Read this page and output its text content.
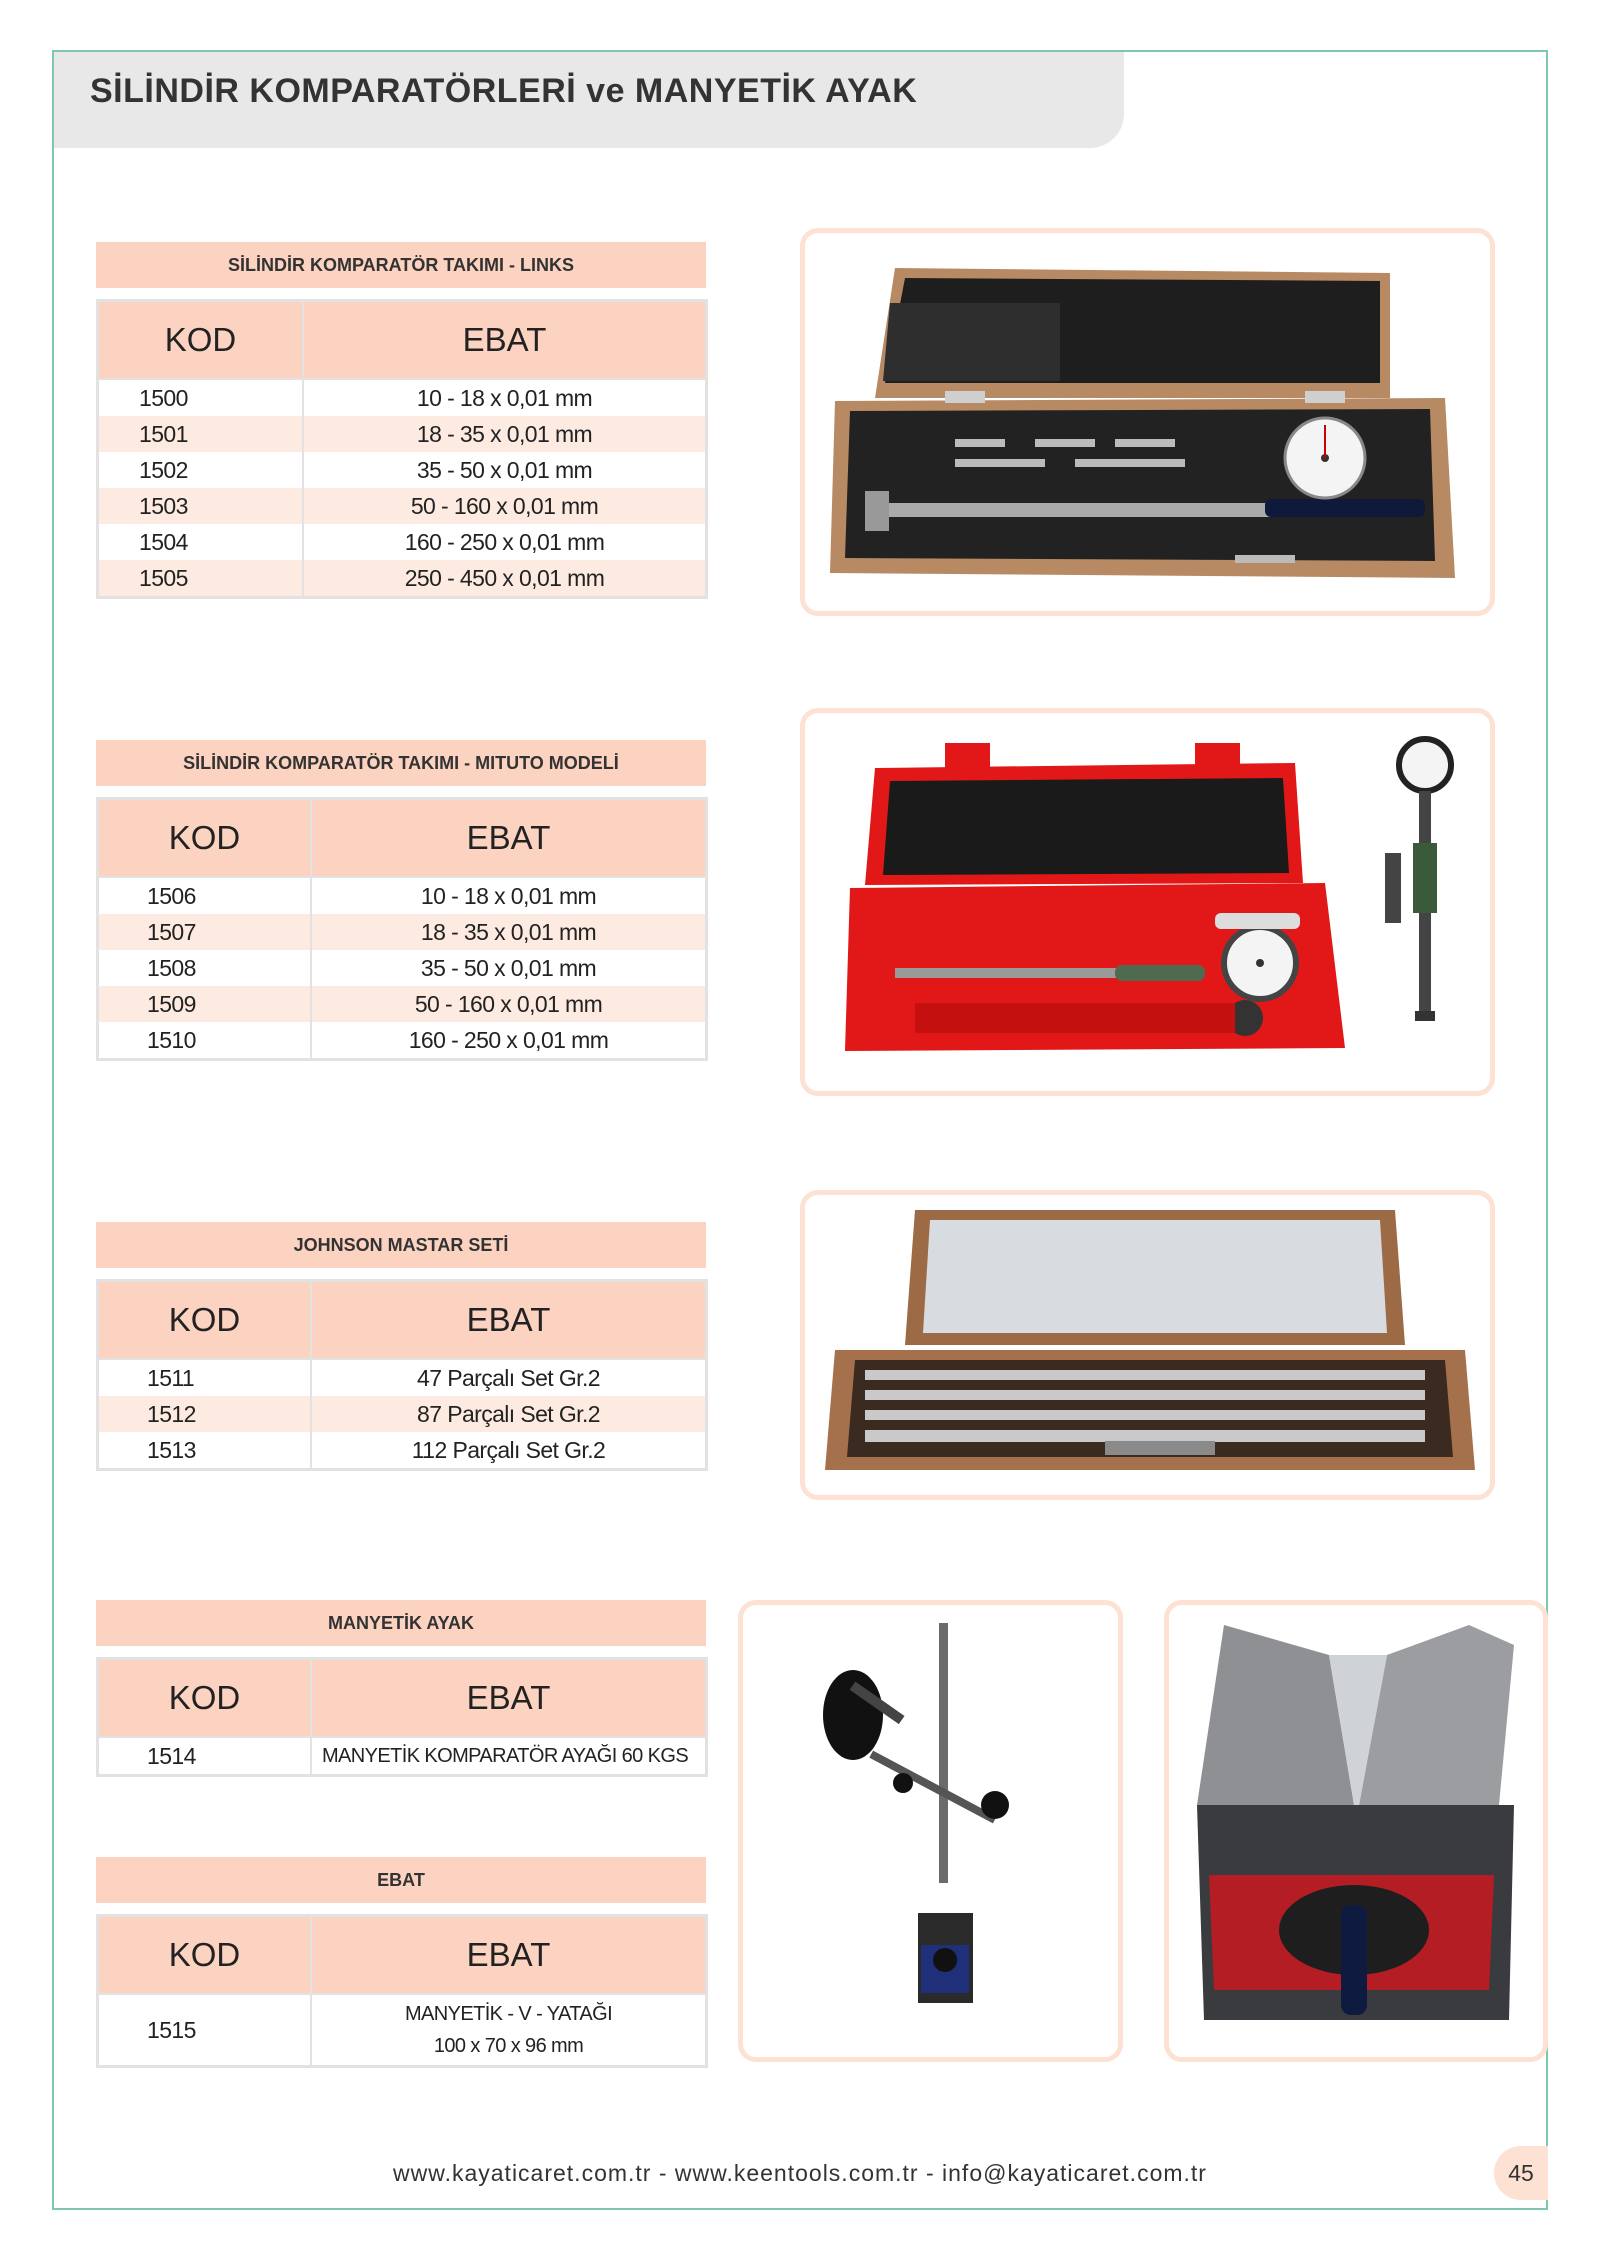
SİLİNDİR KOMPARATÖRLERİ ve MANYETİK AYAK
SİLİNDİR KOMPARATÖR TAKIMI - LINKS
KOD	EBAT
1500	10 - 18 x 0,01 mm
1501	18 - 35 x 0,01 mm
1502	35 - 50 x 0,01 mm
1503	50 - 160 x 0,01 mm
1504	160 - 250 x 0,01 mm
1505	250 - 450 x 0,01 mm
SİLİNDİR KOMPARATÖR TAKIMI - MITUTO MODELİ
KOD	EBAT
1506	10 - 18 x 0,01 mm
1507	18 - 35 x 0,01 mm
1508	35 - 50 x 0,01 mm
1509	50 - 160 x 0,01 mm
1510	160 - 250 x 0,01 mm
JOHNSON MASTAR SETİ
KOD	EBAT
1511	47 Parçalı Set Gr.2
1512	87 Parçalı Set Gr.2
1513	112 Parçalı Set Gr.2
MANYETİK AYAK
KOD	EBAT
1514	MANYETİK KOMPARATÖR AYAĞI 60 KGS
EBAT
KOD	EBAT
1515	MANYETİK - V - YATAĞI
100 x 70 x 96 mm
www.kayaticaret.com.tr - www.keentools.com.tr - info@kayaticaret.com.tr	45
